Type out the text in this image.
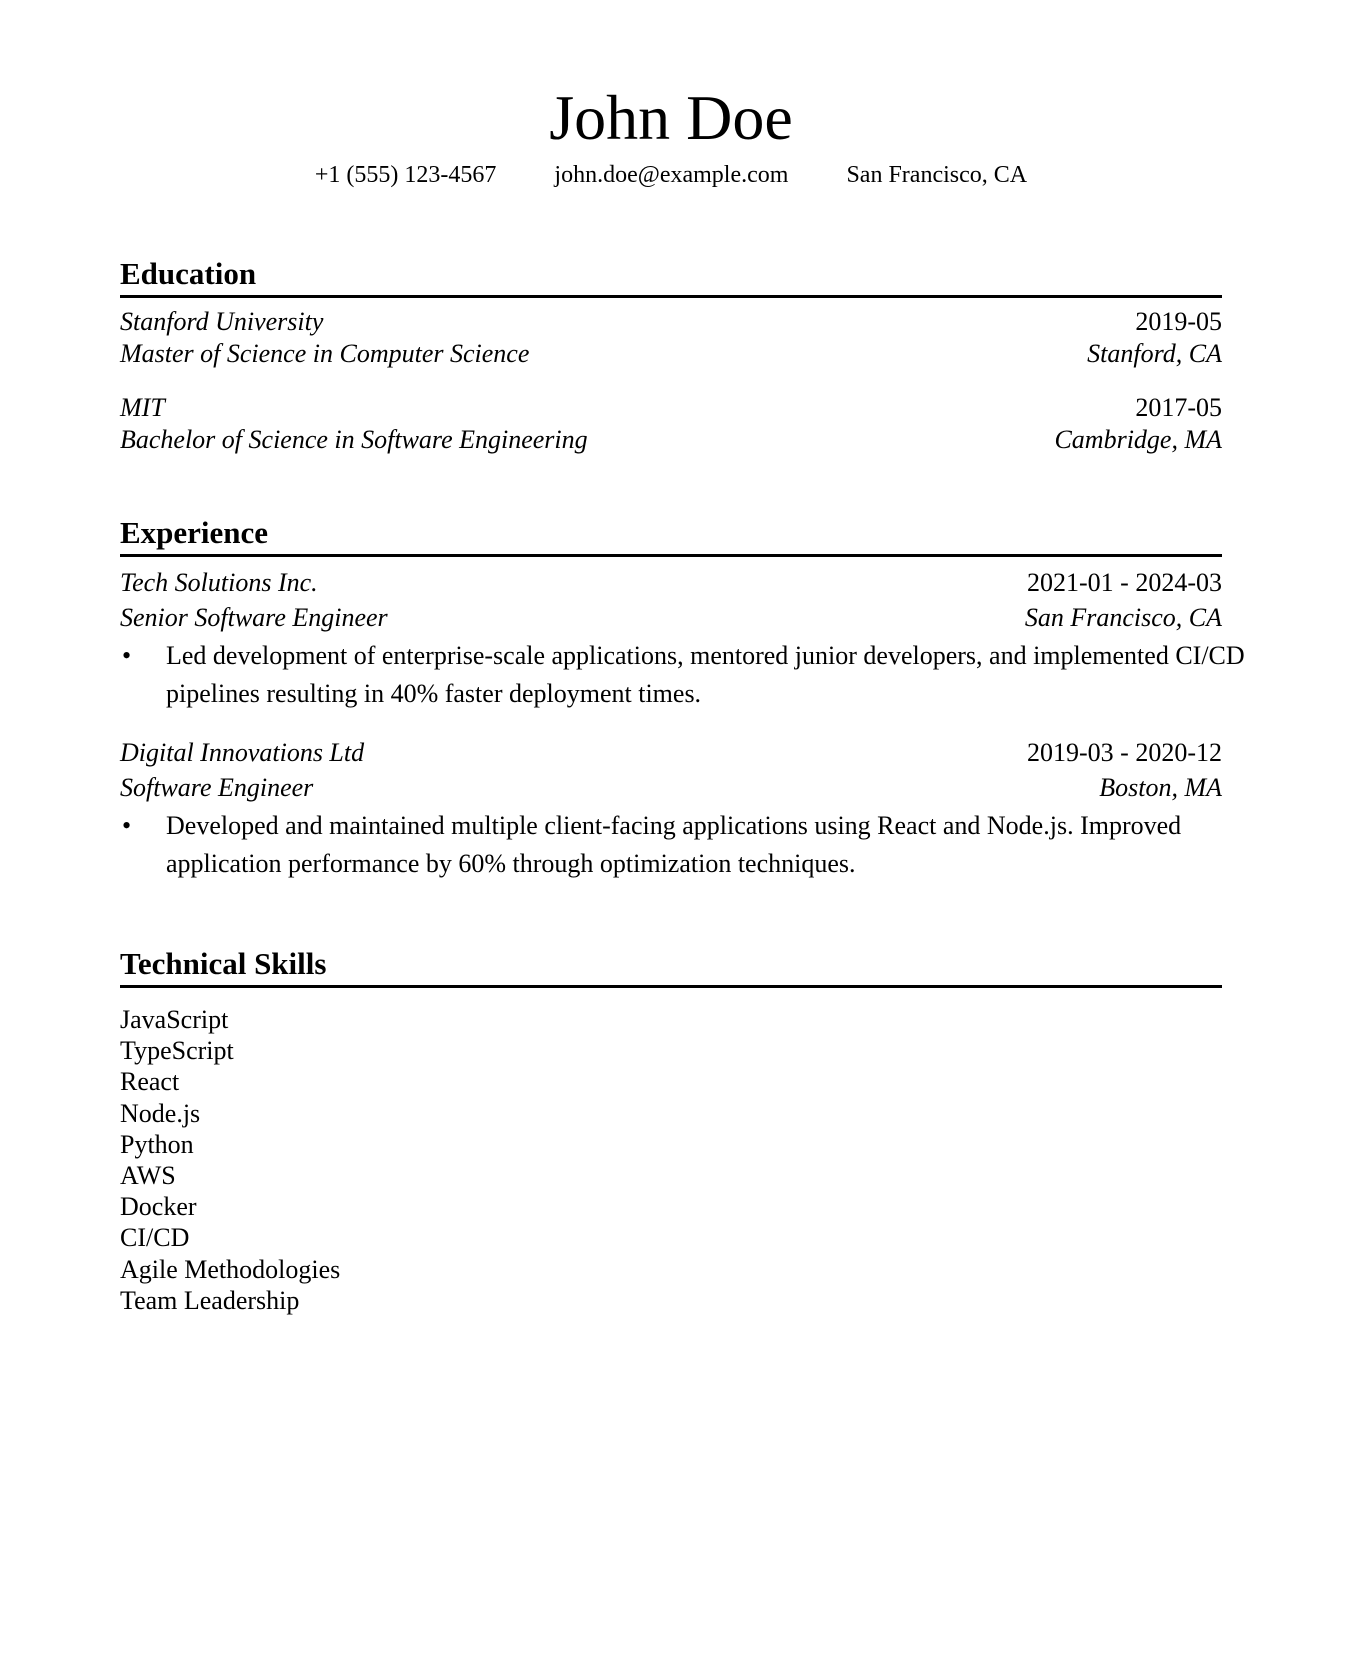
John Doe
+1 (555) 123-4567 john.doe@example.com San Francisco, CA
Education
Stanford University	2019-05
Master of Science in Computer Science	Stanford, CA
MIT	2017-05
Bachelor of Science in Software Engineering	Cambridge, MA
Experience
Tech Solutions Inc.	2021-01 - 2024-03
Senior Software Engineer	San Francisco, CA
• Led development of enterprise-scale applications, mentored junior developers, and implemented CI/CD pipelines resulting in 40% faster deployment times.
Digital Innovations Ltd	2019-03 - 2020-12
Software Engineer	Boston, MA
• Developed and maintained multiple client-facing applications using React and Node.js. Improved application performance by 60% through optimization techniques.
Technical Skills
JavaScript
TypeScript
React
Node.js
Python
AWS
Docker
CI/CD
Agile Methodologies
Team Leadership
